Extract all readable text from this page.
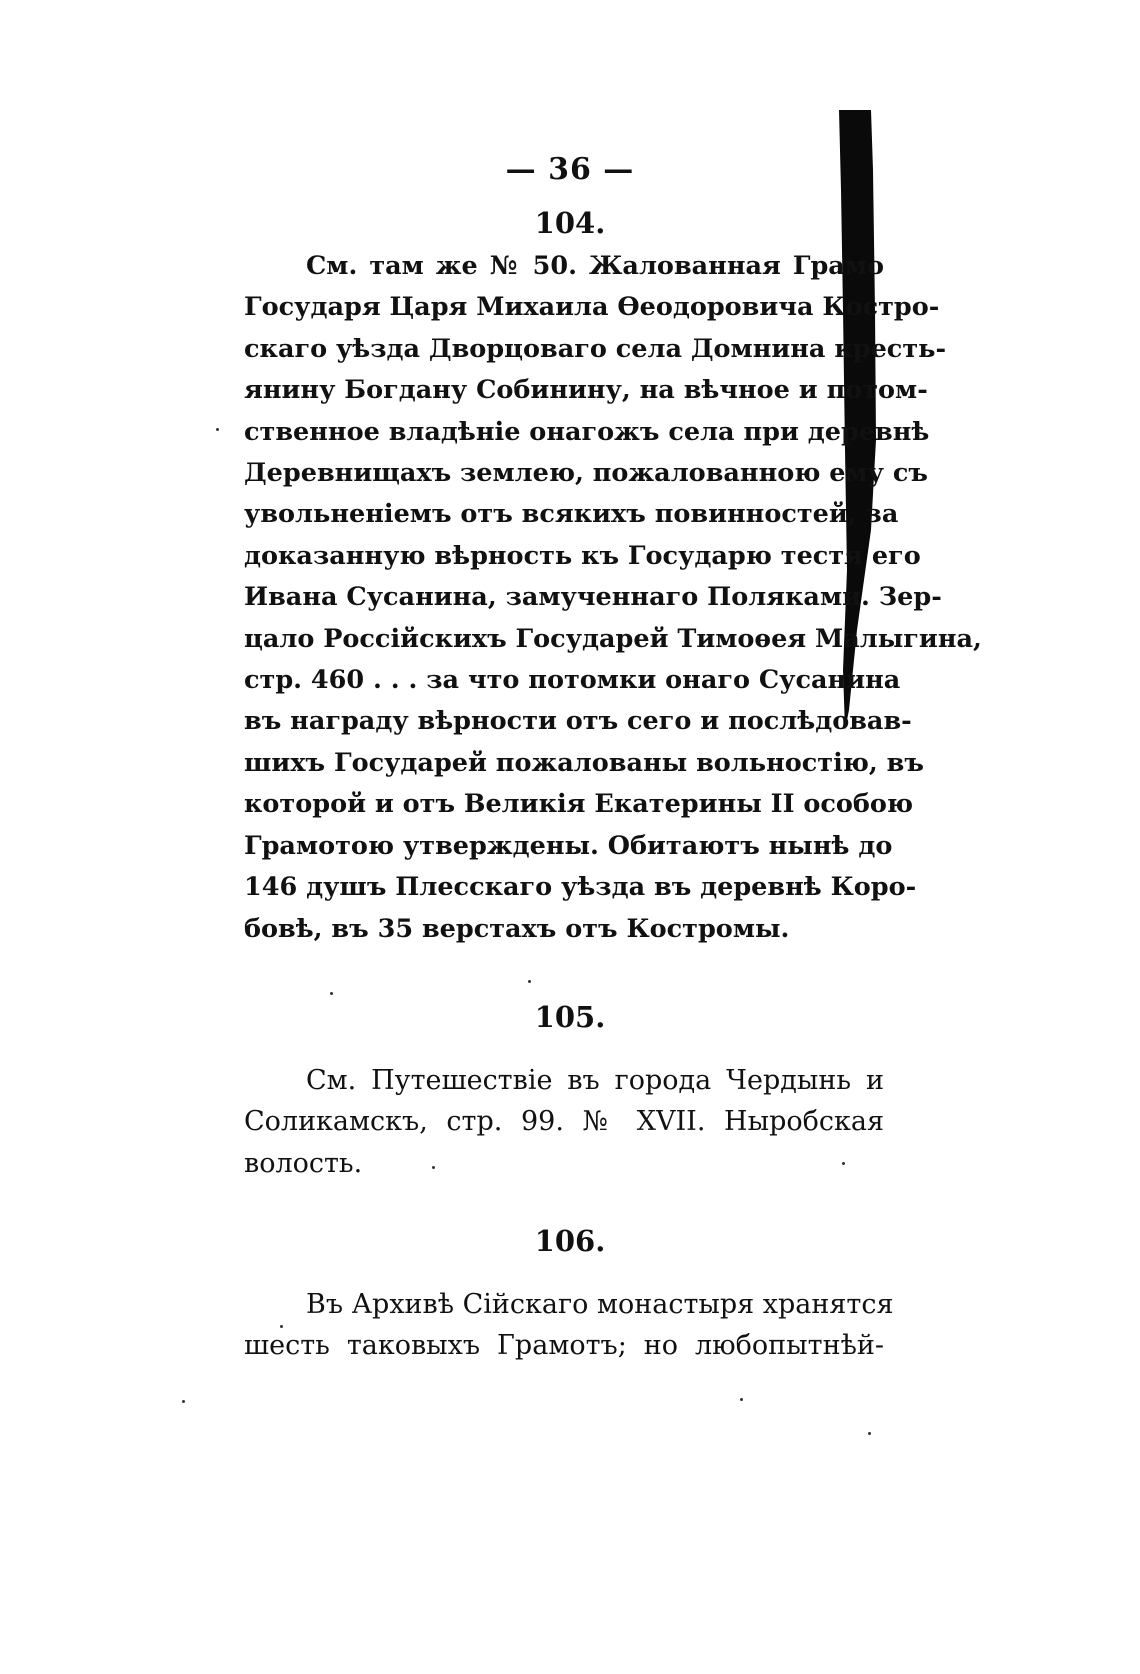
— 36 —
104.

См. там же № 50. Жалованная Грамо
Государя Царя Михаила Өеодоровича Костро-
скаго уѣзда Дворцоваго села Домнина кресть-
янину Богдану Собинину, на вѣчное и потом-
ственное владѣніе онагожъ села при деревнѣ
Деревнищахъ землею, пожалованною ему съ
увольненіемъ отъ всякихъ повинностей, за
доказанную вѣрность къ Государю тестя его
Ивана Сусанина, замученнаго Поляками. Зер-
цало Россійскихъ Государей Тимоѳея Малыгина,
стр. 460 . . . за что потомки онаго Сусанина
въ награду вѣрности отъ сего и послѣдовав-
шихъ Государей пожалованы вольностію, въ
которой и отъ Великія Екатерины II особою
Грамотою утверждены. Обитаютъ нынѣ до
146 душъ Плесскаго уѣзда въ деревнѣ Коро-
бовѣ, въ 35 верстахъ отъ Костромы.

105.

См. Путешествіе въ города Чердынь и
Соликамскъ, стр. 99. № XVII. Ныробская
волость.

106.

Въ Архивѣ Сійскаго монастыря хранятся
шесть таковыхъ Грамотъ; но любопытнѣй-
